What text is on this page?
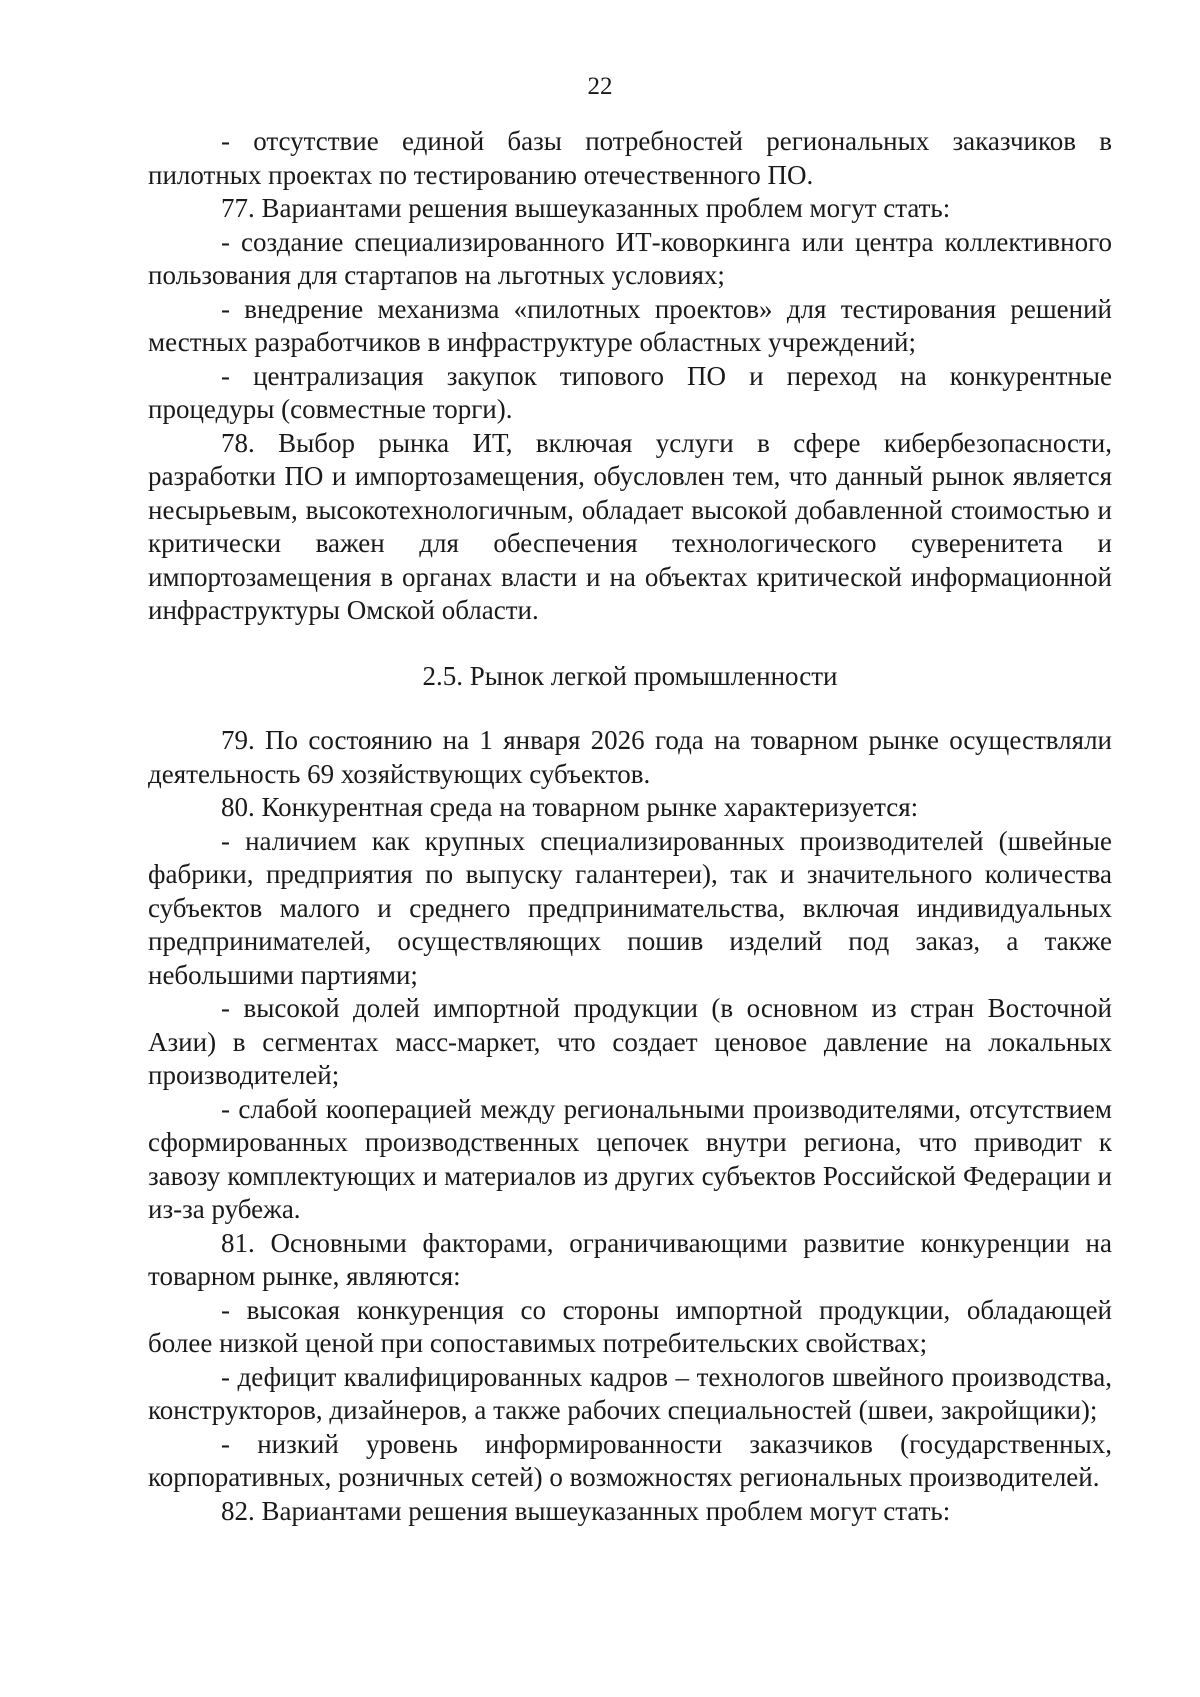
22

- отсутствие единой базы потребностей региональных заказчиков в пилотных проектах по тестированию отечественного ПО.

77. Вариантами решения вышеуказанных проблем могут стать:

- создание специализированного ИТ-коворкинга или центра коллективного пользования для стартапов на льготных условиях;

- внедрение механизма «пилотных проектов» для тестирования решений местных разработчиков в инфраструктуре областных учреждений;

- централизация закупок типового ПО и переход на конкурентные процедуры (совместные торги).

78. Выбор рынка ИТ, включая услуги в сфере кибербезопасности, разработки ПО и импортозамещения, обусловлен тем, что данный рынок является несырьевым, высокотехнологичным, обладает высокой добавленной стоимостью и критически важен для обеспечения технологического суверенитета и импортозамещения в органах власти и на объектах критической информационной инфраструктуры Омской области.

2.5. Рынок легкой промышленности

79. По состоянию на 1 января 2026 года на товарном рынке осуществляли деятельность 69 хозяйствующих субъектов.

80. Конкурентная среда на товарном рынке характеризуется:

- наличием как крупных специализированных производителей (швейные фабрики, предприятия по выпуску галантереи), так и значительного количества субъектов малого и среднего предпринимательства, включая индивидуальных предпринимателей, осуществляющих пошив изделий под заказ, а также небольшими партиями;

- высокой долей импортной продукции (в основном из стран Восточной Азии) в сегментах масс-маркет, что создает ценовое давление на локальных производителей;

- слабой кооперацией между региональными производителями, отсутствием сформированных производственных цепочек внутри региона, что приводит к завозу комплектующих и материалов из других субъектов Российской Федерации и из-за рубежа.

81. Основными факторами, ограничивающими развитие конкуренции на товарном рынке, являются:

- высокая конкуренция со стороны импортной продукции, обладающей более низкой ценой при сопоставимых потребительских свойствах;

- дефицит квалифицированных кадров – технологов швейного производства, конструкторов, дизайнеров, а также рабочих специальностей (швеи, закройщики);

- низкий уровень информированности заказчиков (государственных, корпоративных, розничных сетей) о возможностях региональных производителей.

82. Вариантами решения вышеуказанных проблем могут стать:
